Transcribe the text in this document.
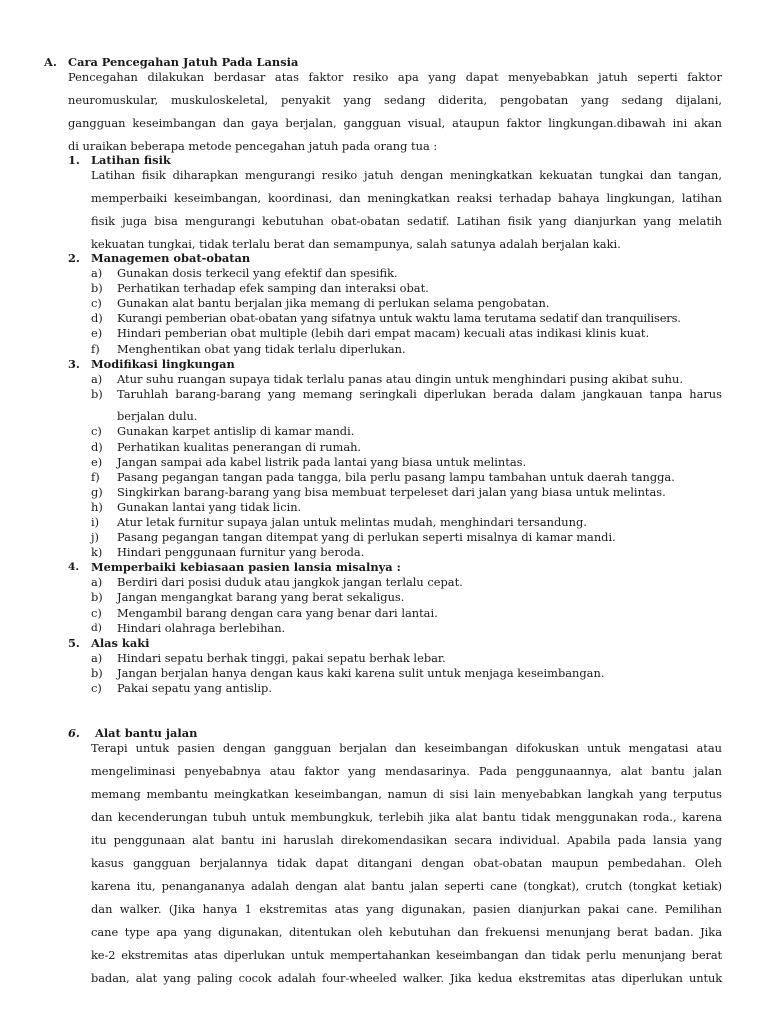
A. Cara Pencegahan Jatuh Pada Lansia
Pencegahan dilakukan berdasar atas faktor resiko apa yang dapat menyebabkan jatuh seperti faktor
neuromuskular, muskuloskeletal, penyakit yang sedang diderita, pengobatan yang sedang dijalani,
gangguan keseimbangan dan gaya berjalan, gangguan visual, ataupun faktor lingkungan.dibawah ini akan
di uraikan beberapa metode pencegahan jatuh pada orang tua :
1. Latihan fisik
Latihan fisik diharapkan mengurangi resiko jatuh dengan meningkatkan kekuatan tungkai dan tangan,
memperbaiki keseimbangan, koordinasi, dan meningkatkan reaksi terhadap bahaya lingkungan, latihan
fisik juga bisa mengurangi kebutuhan obat-obatan sedatif. Latihan fisik yang dianjurkan yang melatih
kekuatan tungkai, tidak terlalu berat dan semampunya, salah satunya adalah berjalan kaki.
2. Managemen obat-obatan
a) Gunakan dosis terkecil yang efektif dan spesifik.
b) Perhatikan terhadap efek samping dan interaksi obat.
c) Gunakan alat bantu berjalan jika memang di perlukan selama pengobatan.
d) Kurangi pemberian obat-obatan yang sifatnya untuk waktu lama terutama sedatif dan tranquilisers.
e) Hindari pemberian obat multiple (lebih dari empat macam) kecuali atas indikasi klinis kuat.
f) Menghentikan obat yang tidak terlalu diperlukan.
3. Modifikasi lingkungan
a) Atur suhu ruangan supaya tidak terlalu panas atau dingin untuk menghindari pusing akibat suhu.
b) Taruhlah barang-barang yang memang seringkali diperlukan berada dalam jangkauan tanpa harus
berjalan dulu.
c) Gunakan karpet antislip di kamar mandi.
d) Perhatikan kualitas penerangan di rumah.
e) Jangan sampai ada kabel listrik pada lantai yang biasa untuk melintas.
f) Pasang pegangan tangan pada tangga, bila perlu pasang lampu tambahan untuk daerah tangga.
g) Singkirkan barang-barang yang bisa membuat terpeleset dari jalan yang biasa untuk melintas.
h) Gunakan lantai yang tidak licin.
i) Atur letak furnitur supaya jalan untuk melintas mudah, menghindari tersandung.
j) Pasang pegangan tangan ditempat yang di perlukan seperti misalnya di kamar mandi.
k) Hindari penggunaan furnitur yang beroda.
4. Memperbaiki kebiasaan pasien lansia misalnya :
a) Berdiri dari posisi duduk atau jangkok jangan terlalu cepat.
b) Jangan mengangkat barang yang berat sekaligus.
c) Mengambil barang dengan cara yang benar dari lantai.
d) Hindari olahraga berlebihan.
5. Alas kaki
a) Hindari sepatu berhak tinggi, pakai sepatu berhak lebar.
b) Jangan berjalan hanya dengan kaus kaki karena sulit untuk menjaga keseimbangan.
c) Pakai sepatu yang antislip.
6. Alat bantu jalan
Terapi untuk pasien dengan gangguan berjalan dan keseimbangan difokuskan untuk mengatasi atau
mengeliminasi penyebabnya atau faktor yang mendasarinya. Pada penggunaannya, alat bantu jalan
memang membantu meingkatkan keseimbangan, namun di sisi lain menyebabkan langkah yang terputus
dan kecenderungan tubuh untuk membungkuk, terlebih jika alat bantu tidak menggunakan roda., karena
itu penggunaan alat bantu ini haruslah direkomendasikan secara individual. Apabila pada lansia yang
kasus gangguan berjalannya tidak dapat ditangani dengan obat-obatan maupun pembedahan. Oleh
karena itu, penangananya adalah dengan alat bantu jalan seperti cane (tongkat), crutch (tongkat ketiak)
dan walker. (Jika hanya 1 ekstremitas atas yang digunakan, pasien dianjurkan pakai cane. Pemilihan
cane type apa yang digunakan, ditentukan oleh kebutuhan dan frekuensi menunjang berat badan. Jika
ke-2 ekstremitas atas diperlukan untuk mempertahankan keseimbangan dan tidak perlu menunjang berat
badan, alat yang paling cocok adalah four-wheeled walker. Jika kedua ekstremitas atas diperlukan untuk
